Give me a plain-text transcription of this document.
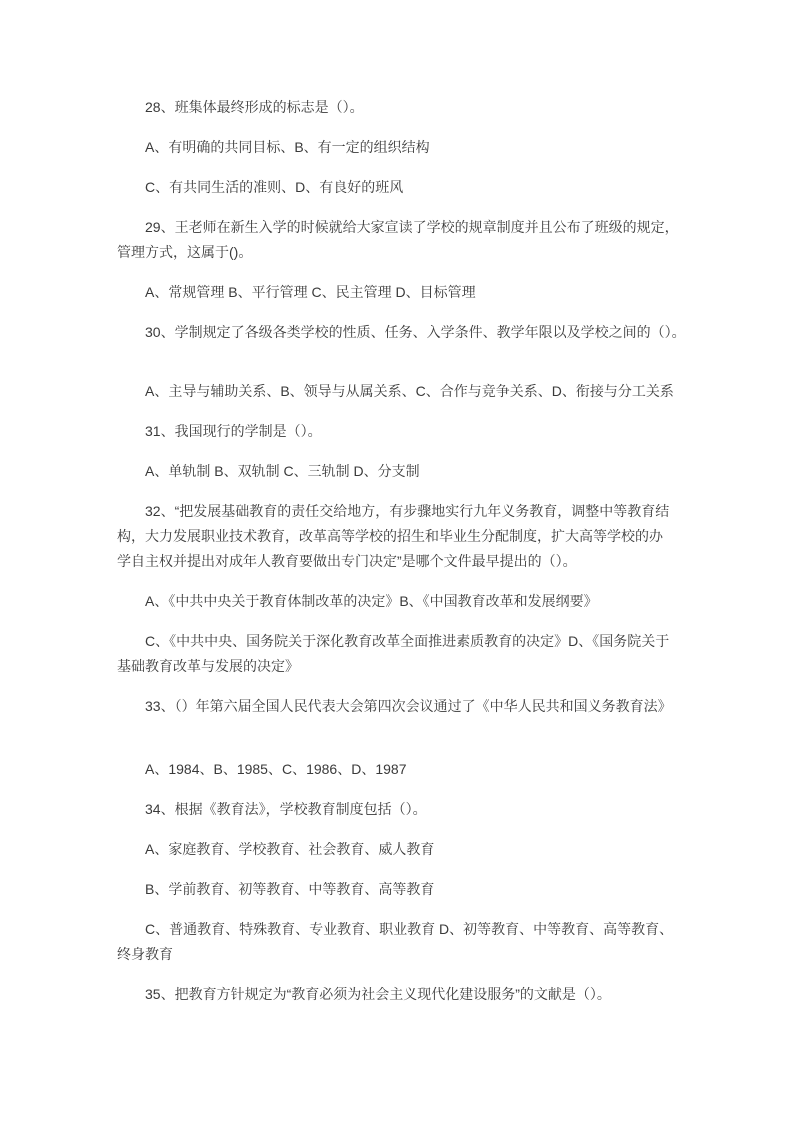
28、班集体最终形成的标志是（）。
A、有明确的共同目标、B、有一定的组织结构
C、有共同生活的准则、D、有良好的班风
29、王老师在新生入学的时候就给大家宣读了学校的规章制度并且公布了班级的规定，
管理方式，这属于()。
A、常规管理 B、平行管理 C、民主管理 D、目标管理
30、学制规定了各级各类学校的性质、任务、入学条件、教学年限以及学校之间的（）。
A、主导与辅助关系、B、领导与从属关系、C、合作与竞争关系、D、衔接与分工关系
31、我国现行的学制是（）。
A、单轨制 B、双轨制 C、三轨制 D、分支制
32、“把发展基础教育的责任交给地方，有步骤地实行九年义务教育，调整中等教育结
构，大力发展职业技术教育，改革高等学校的招生和毕业生分配制度，扩大高等学校的办
学自主权并提出对成年人教育要做出专门决定”是哪个文件最早提出的（）。
A、《中共中央关于教育体制改革的决定》B、《中国教育改革和发展纲要》
C、《中共中央、国务院关于深化教育改革全面推进素质教育的决定》D、《国务院关于
基础教育改革与发展的决定》
33、（）年第六届全国人民代表大会第四次会议通过了《中华人民共和国义务教育法》
A、1984、B、1985、C、1986、D、1987
34、根据《教育法》，学校教育制度包括（）。
A、家庭教育、学校教育、社会教育、威人教育
B、学前教育、初等教育、中等教育、高等教育
C、普通教育、特殊教育、专业教育、职业教育 D、初等教育、中等教育、高等教育、
终身教育
35、把教育方针规定为“教育必须为社会主义现代化建设服务”的文献是（）。
